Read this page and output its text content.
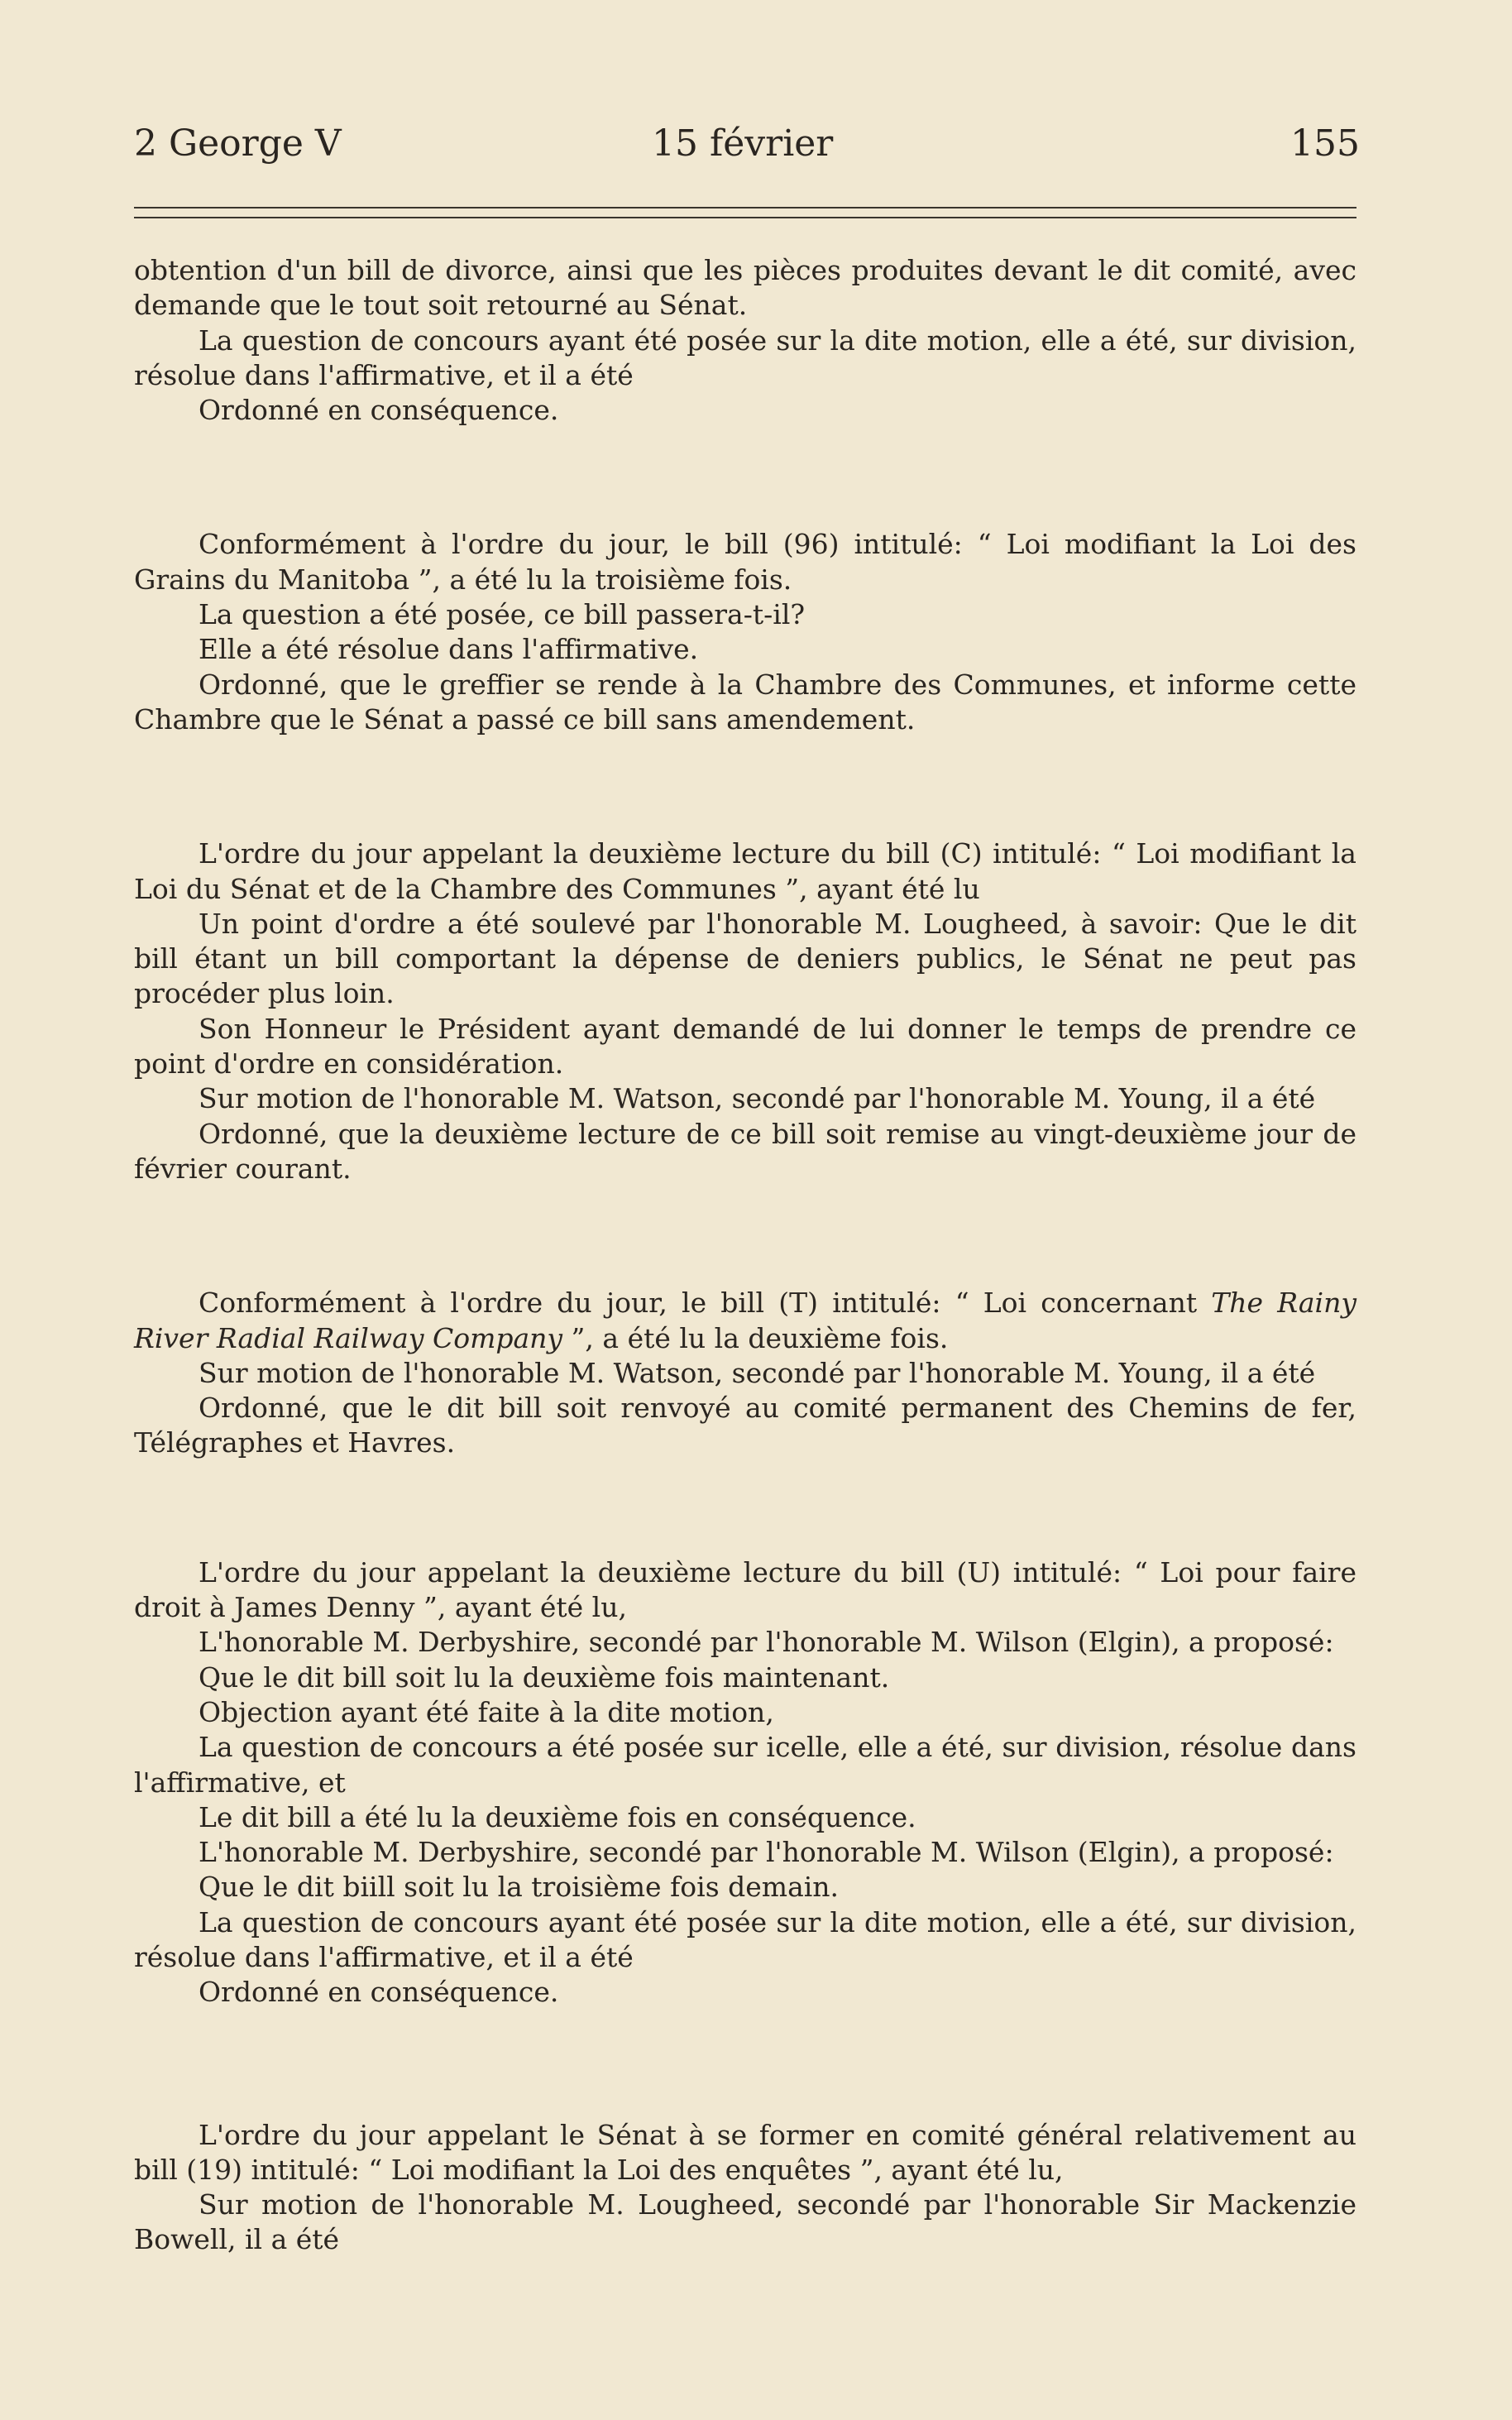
2 George V	15 février	155

obtention d'un bill de divorce, ainsi que les pièces produites devant le dit comité, avec demande que le tout soit retourné au Sénat.

La question de concours ayant été posée sur la dite motion, elle a été, sur division, résolue dans l'affirmative, et il a été

Ordonné en conséquence.

Conformément à l'ordre du jour, le bill (96) intitulé: “ Loi modifiant la Loi des Grains du Manitoba ”, a été lu la troisième fois.

La question a été posée, ce bill passera-t-il?

Elle a été résolue dans l'affirmative.

Ordonné, que le greffier se rende à la Chambre des Communes, et informe cette Chambre que le Sénat a passé ce bill sans amendement.

L'ordre du jour appelant la deuxième lecture du bill (C) intitulé: “ Loi modifiant la Loi du Sénat et de la Chambre des Communes ”, ayant été lu

Un point d'ordre a été soulevé par l'honorable M. Lougheed, à savoir: Que le dit bill étant un bill comportant la dépense de deniers publics, le Sénat ne peut pas procéder plus loin.

Son Honneur le Président ayant demandé de lui donner le temps de prendre ce point d'ordre en considération.

Sur motion de l'honorable M. Watson, secondé par l'honorable M. Young, il a été

Ordonné, que la deuxième lecture de ce bill soit remise au vingt-deuxième jour de février courant.

Conformément à l'ordre du jour, le bill (T) intitulé: “ Loi concernant The Rainy River Radial Railway Company ”, a été lu la deuxième fois.

Sur motion de l'honorable M. Watson, secondé par l'honorable M. Young, il a été

Ordonné, que le dit bill soit renvoyé au comité permanent des Chemins de fer, Télégraphes et Havres.

L'ordre du jour appelant la deuxième lecture du bill (U) intitulé: “ Loi pour faire droit à James Denny ”, ayant été lu,

L'honorable M. Derbyshire, secondé par l'honorable M. Wilson (Elgin), a proposé:

Que le dit bill soit lu la deuxième fois maintenant.

Objection ayant été faite à la dite motion,

La question de concours a été posée sur icelle, elle a été, sur division, résolue dans l'affirmative, et

Le dit bill a été lu la deuxième fois en conséquence.

L'honorable M. Derbyshire, secondé par l'honorable M. Wilson (Elgin), a proposé:

Que le dit biill soit lu la troisième fois demain.

La question de concours ayant été posée sur la dite motion, elle a été, sur division, résolue dans l'affirmative, et il a été

Ordonné en conséquence.

L'ordre du jour appelant le Sénat à se former en comité général relativement au bill (19) intitulé: “ Loi modifiant la Loi des enquêtes ”, ayant été lu,

Sur motion de l'honorable M. Lougheed, secondé par l'honorable Sir Mackenzie Bowell, il a été
